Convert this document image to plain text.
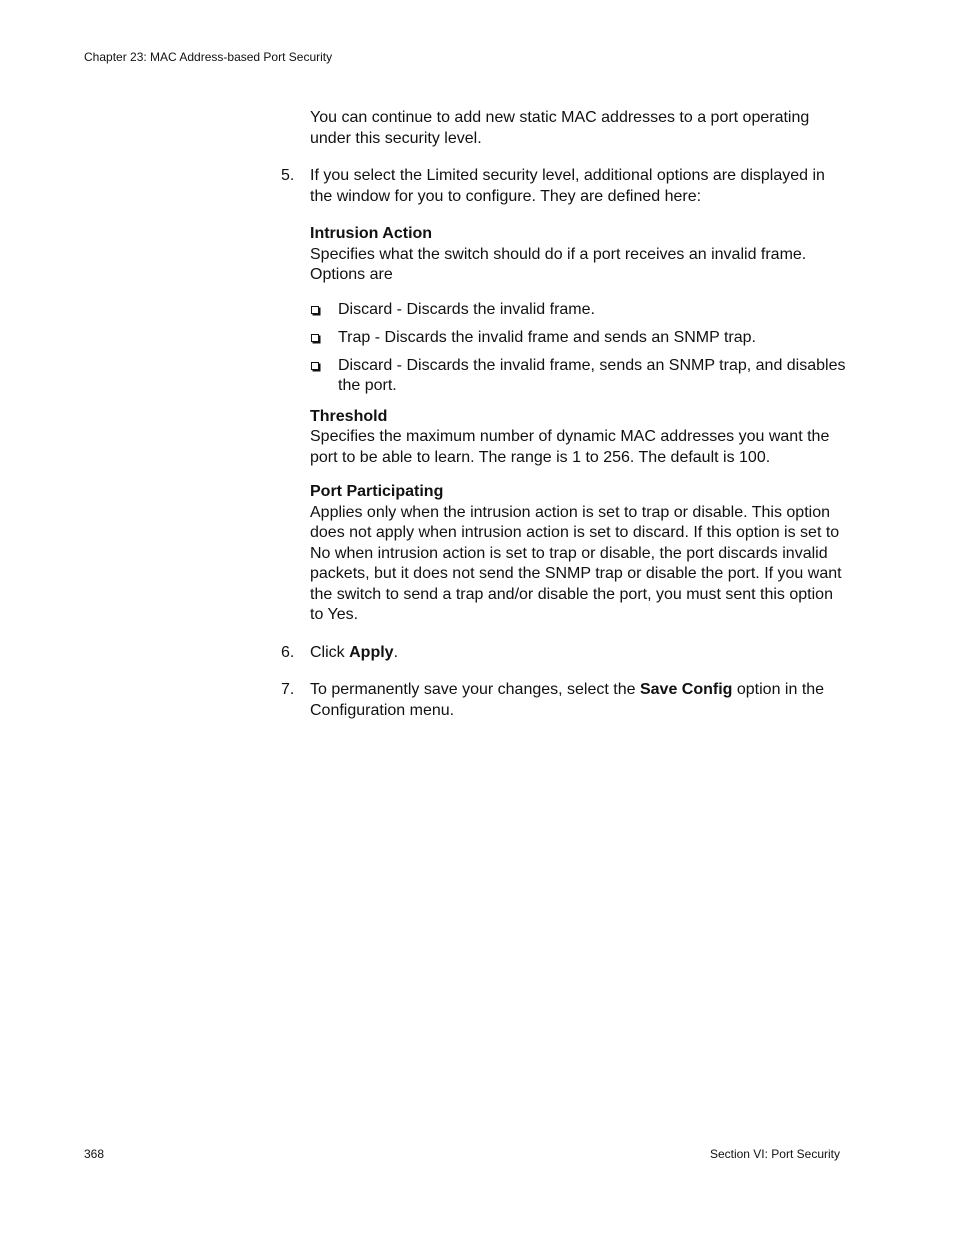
Chapter 23: MAC Address-based Port Security

You can continue to add new static MAC addresses to a port operating under this security level.

5. If you select the Limited security level, additional options are displayed in the window for you to configure. They are defined here:

Intrusion Action

Specifies what the switch should do if a port receives an invalid frame. Options are

Discard - Discards the invalid frame.
Trap - Discards the invalid frame and sends an SNMP trap.
Discard - Discards the invalid frame, sends an SNMP trap, and disables the port.

Threshold

Specifies the maximum number of dynamic MAC addresses you want the port to be able to learn. The range is 1 to 256. The default is 100.

Port Participating

Applies only when the intrusion action is set to trap or disable. This option does not apply when intrusion action is set to discard. If this option is set to No when intrusion action is set to trap or disable, the port discards invalid packets, but it does not send the SNMP trap or disable the port. If you want the switch to send a trap and/or disable the port, you must sent this option to Yes.

6. Click Apply.

7. To permanently save your changes, select the Save Config option in the Configuration menu.

368	Section VI: Port Security
